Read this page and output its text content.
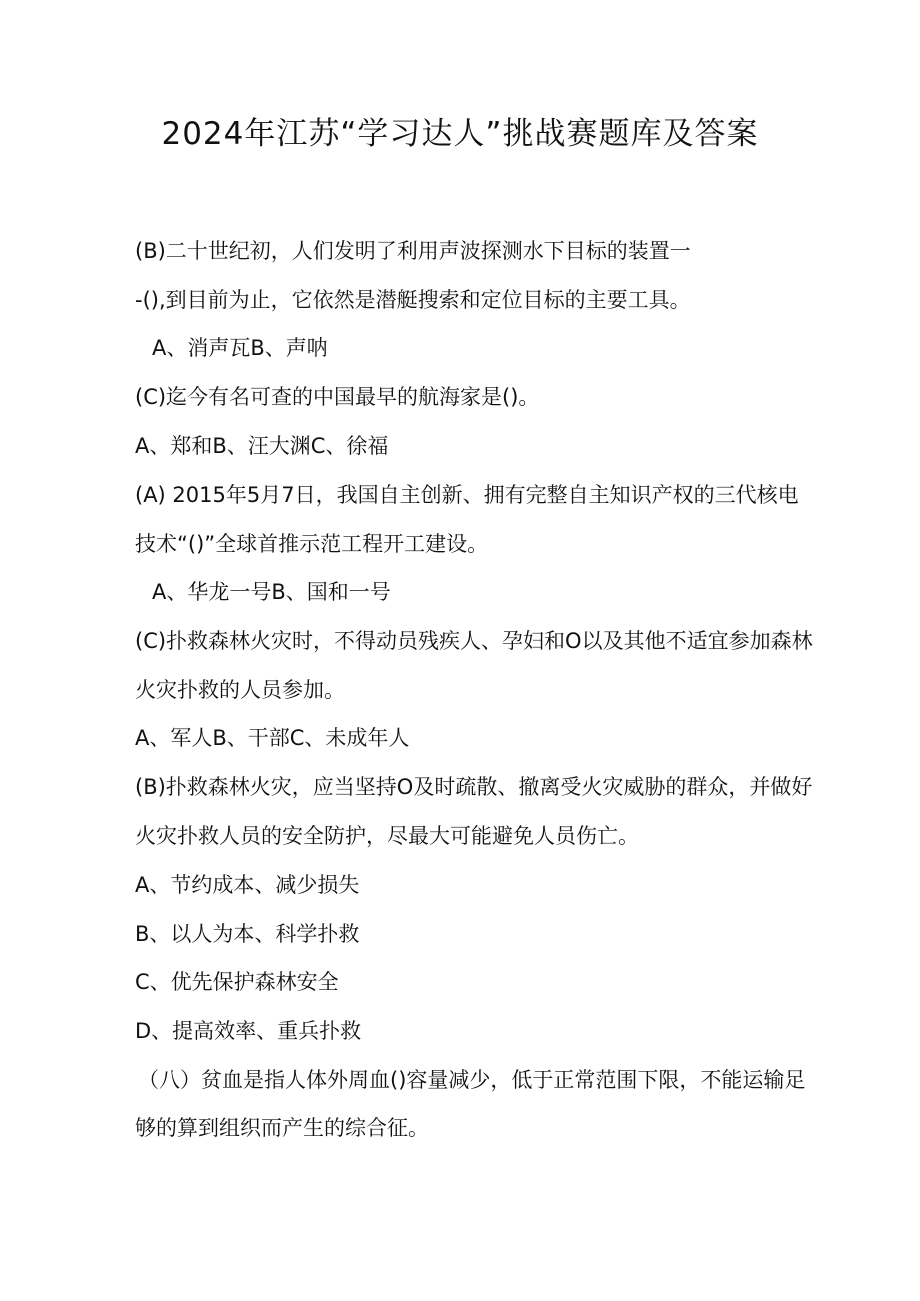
2024年江苏“学习达人”挑战赛题库及答案
(B)二十世纪初，人们发明了利用声波探测水下目标的装置一
-(),到目前为止，它依然是潜艇搜索和定位目标的主要工具。
A、消声瓦B、声呐
(C)迄今有名可查的中国最早的航海家是()。
A、郑和B、汪大渊C、徐福
(A) 2015年5月7日，我国自主创新、拥有完整自主知识产权的三代核电
技术“()”全球首推示范工程开工建设。
A、华龙一号B、国和一号
(C)扑救森林火灾时，不得动员残疾人、孕妇和O以及其他不适宜参加森林
火灾扑救的人员参加。
A、军人B、干部C、未成年人
(B)扑救森林火灾，应当坚持O及时疏散、撤离受火灾威胁的群众，并做好
火灾扑救人员的安全防护，尽最大可能避免人员伤亡。
A、节约成本、减少损失
B、以人为本、科学扑救
C、优先保护森林安全
D、提高效率、重兵扑救
（八）贫血是指人体外周血()容量减少，低于正常范围下限，不能运输足
够的算到组织而产生的综合征。
